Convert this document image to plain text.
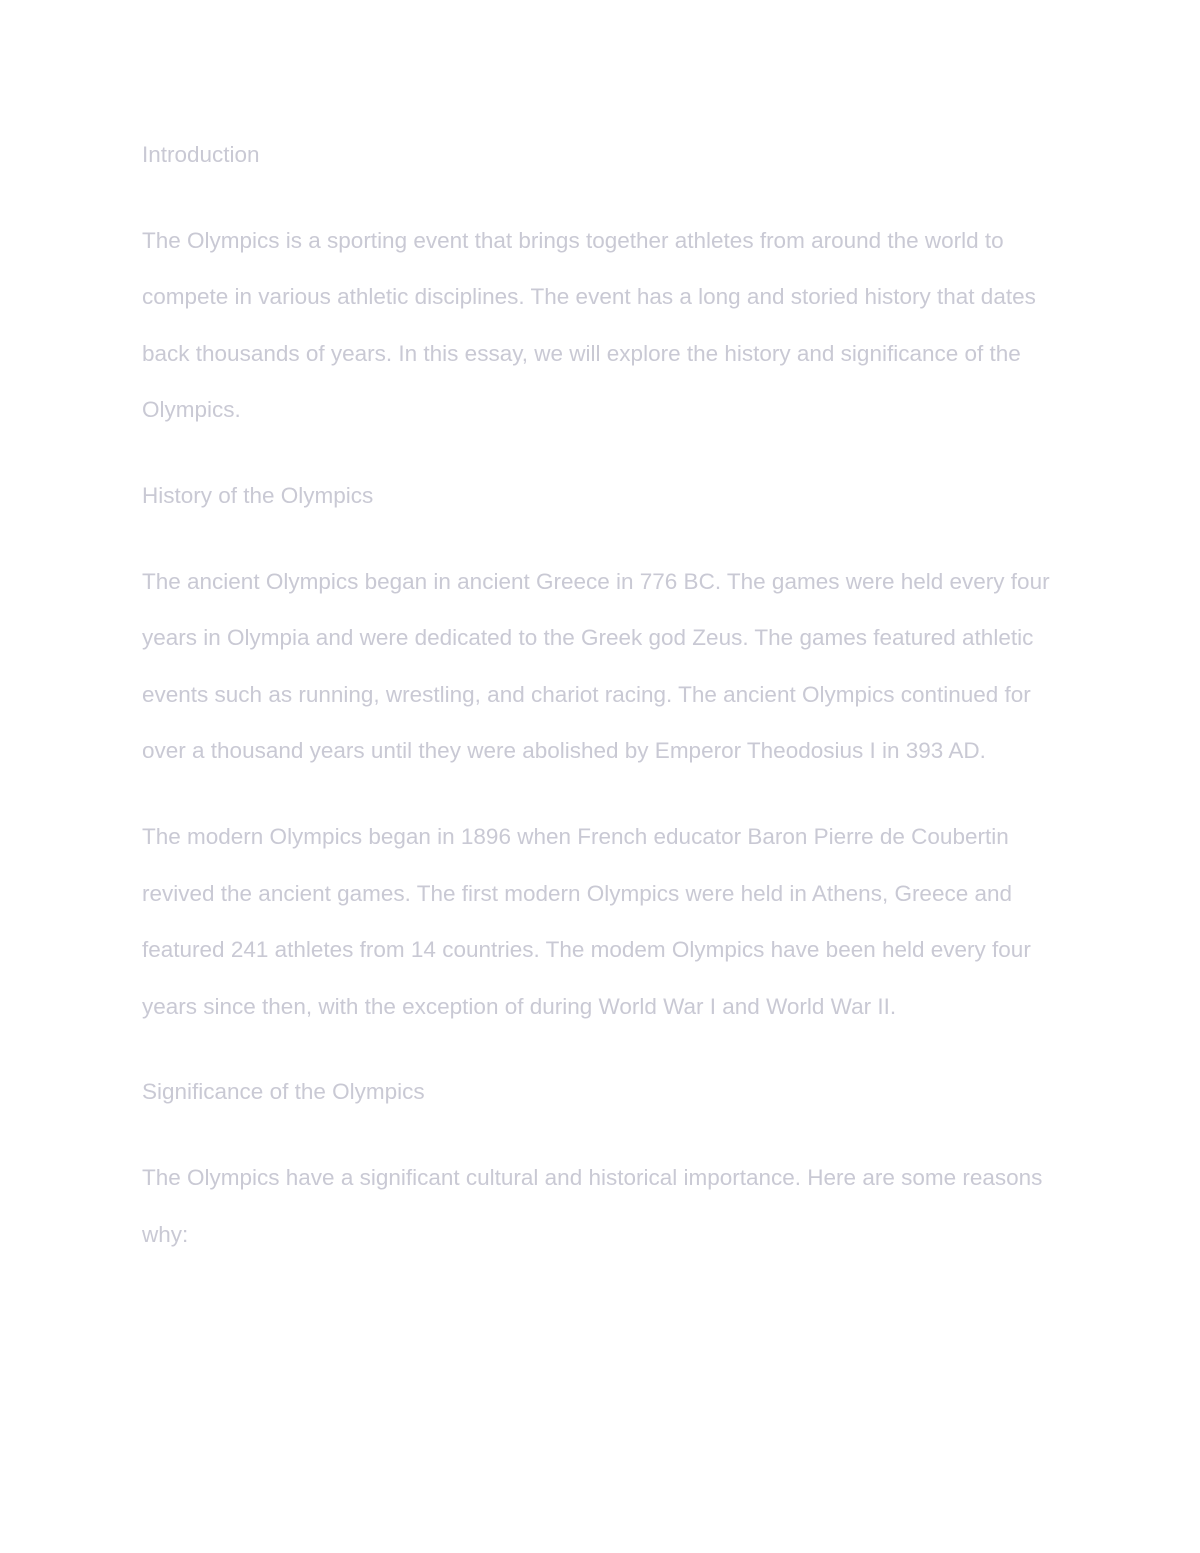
Introduction

The Olympics is a sporting event that brings together athletes from around the world to compete in various athletic disciplines. The event has a long and storied history that dates back thousands of years. In this essay, we will explore the history and significance of the Olympics.

History of the Olympics

The ancient Olympics began in ancient Greece in 776 BC. The games were held every four years in Olympia and were dedicated to the Greek god Zeus. The games featured athletic events such as running, wrestling, and chariot racing. The ancient Olympics continued for over a thousand years until they were abolished by Emperor Theodosius I in 393 AD.

The modern Olympics began in 1896 when French educator Baron Pierre de Coubertin revived the ancient games. The first modern Olympics were held in Athens, Greece and featured 241 athletes from 14 countries. The modem Olympics have been held every four years since then, with the exception of during World War I and World War II.

Significance of the Olympics

The Olympics have a significant cultural and historical importance. Here are some reasons why:
